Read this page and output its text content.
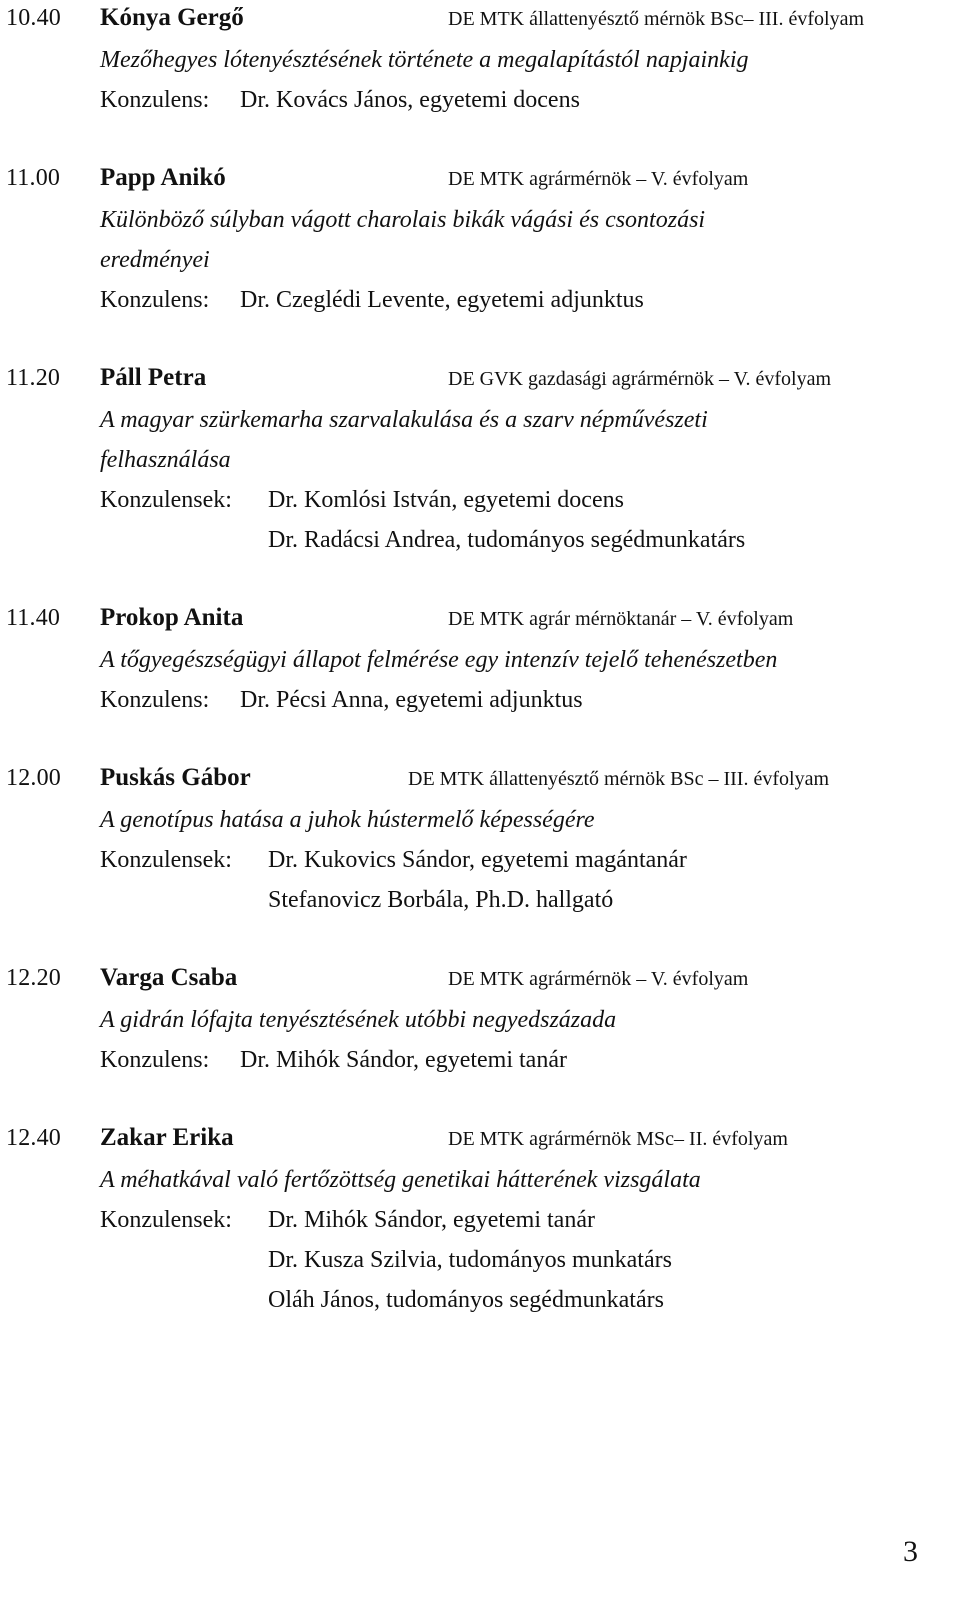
10.40 Kónya Gergő	DE MTK állattenyésztő mérnök BSc– III. évfolyam
Mezőhegyes lótenyésztésének története a megalapítástól napjainkig
Konzulens: Dr. Kovács János, egyetemi docens
11.00 Papp Anikó	DE MTK agrármérnök – V. évfolyam
Különböző súlyban vágott charolais bikák vágási és csontozási
eredményei
Konzulens: Dr. Czeglédi Levente, egyetemi adjunktus
11.20 Páll Petra	DE GVK gazdasági agrármérnök – V. évfolyam
A magyar szürkemarha szarvalakulása és a szarv népművészeti
felhasználása
Konzulensek: Dr. Komlósi István, egyetemi docens
Dr. Radácsi Andrea, tudományos segédmunkatárs
11.40 Prokop Anita	DE MTK agrár mérnöktanár – V. évfolyam
A tőgyegészségügyi állapot felmérése egy intenzív tejelő tehenészetben
Konzulens: Dr. Pécsi Anna, egyetemi adjunktus
12.00 Puskás Gábor	DE MTK állattenyésztő mérnök BSc – III. évfolyam
A genotípus hatása a juhok hústermelő képességére
Konzulensek: Dr. Kukovics Sándor, egyetemi magántanár
Stefanovicz Borbála, Ph.D. hallgató
12.20 Varga Csaba	DE MTK agrármérnök – V. évfolyam
A gidrán lófajta tenyésztésének utóbbi negyedszázada
Konzulens: Dr. Mihók Sándor, egyetemi tanár
12.40 Zakar Erika	DE MTK agrármérnök MSc– II. évfolyam
A méhatkával való fertőzöttség genetikai hátterének vizsgálata
Konzulensek: Dr. Mihók Sándor, egyetemi tanár
Dr. Kusza Szilvia, tudományos munkatárs
Oláh János, tudományos segédmunkatárs
3
